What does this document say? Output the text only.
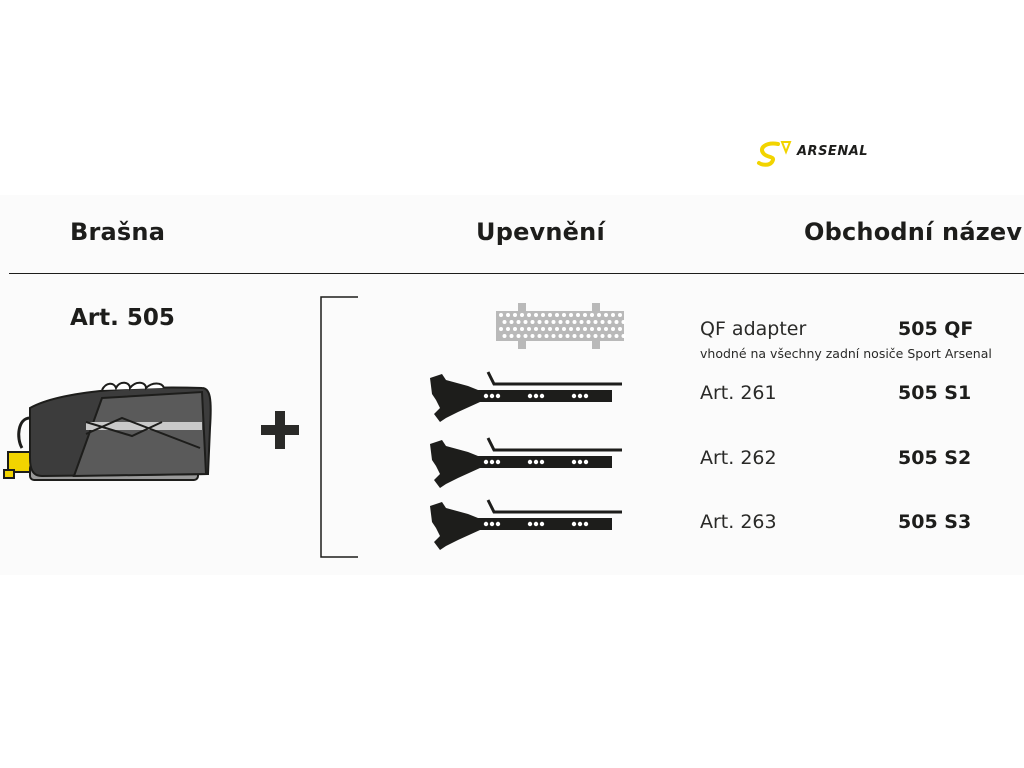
ARSENAL
Brašna	Upevnění	Obchodní název
Art. 505	QF adapter	505 QF
vhodné na všechny zadní nosiče Sport Arsenal
Art. 261	505 S1
Art. 262	505 S2
Art. 263	505 S3
